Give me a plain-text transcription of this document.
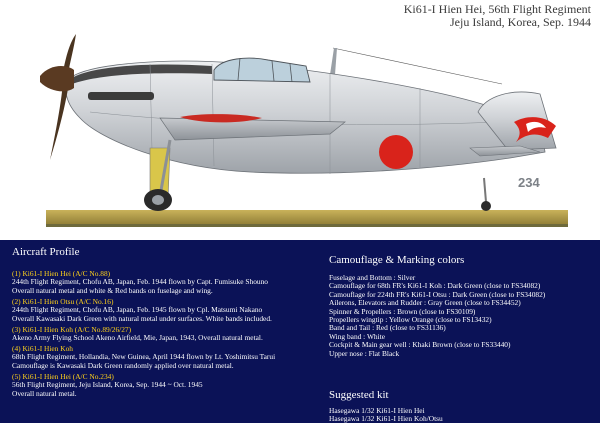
234
Ki61-I Hien Hei, 56th Flight Regiment
Jeju Island, Korea, Sep. 1944
Aircraft Profile
(1) Ki61-I Hien Hei (A/C No.88)
244th Flight Regiment, Chofu AB, Japan, Feb. 1944 flown by Capt. Fumisuke Shouno
Overall natural metal and white & Red bands on fuselage and wing.
(2) Ki61-I Hien Otsu (A/C No.16)
244th Flight Regiment, Chofu AB, Japan, Feb. 1945 flown by Cpl. Matsumi Nakano
Overall Kawasaki Dark Green with natural metal under surfaces. White bands included.
(3) Ki61-I Hien Koh (A/C No.89/26/27)
Akeno Army Flying School Akeno Airfield, Mie, Japan, 1943, Overall natural metal.
(4) Ki61-I Hien Koh
68th Flight Regiment, Hollandia, New Guinea, April 1944 flown by Lt. Yoshimitsu Tarui
Camouflage is Kawasaki Dark Green randomly applied over natural metal.
(5) Ki61-I Hien Hei (A/C No.234)
56th Flight Regiment, Jeju Island, Korea, Sep. 1944 ~ Oct. 1945
Overall natural metal.
Camouflage & Marking colors
Fuselage and Bottom : Silver
Camouflage for 68th FR's Ki61-I Koh : Dark Green (close to FS34082)
Camouflage for 224th FR's Ki61-I Otsu : Dark Green (close to FS34082)
Ailerons, Elevators and Rudder : Gray Green (close to FS34452)
Spinner & Propellers : Brown (close to FS30109)
Propellers wingtip : Yellow Orange (close to FS13432)
Band and Tail : Red (close to FS31136)
Wing band : White
Cockpit & Main gear well : Khaki Brown (close to FS33440)
Upper nose : Flat Black
Suggested kit
Hasegawa 1/32 Ki61-I Hien Hei
Hasegawa 1/32 Ki61-I Hien Koh/Otsu
